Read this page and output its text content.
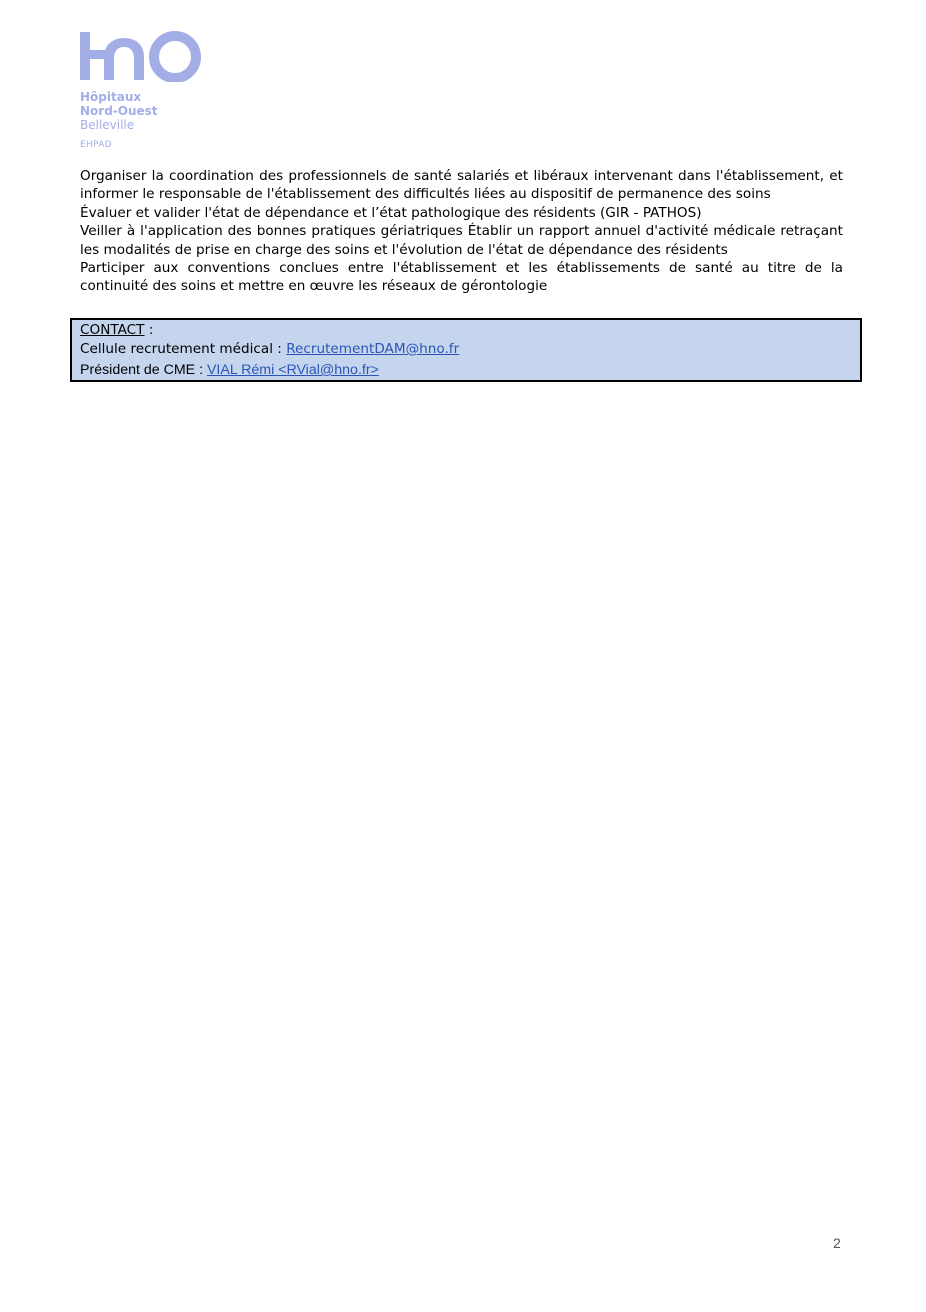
Hôpitaux
Nord-Ouest
Belleville
EHPAD

Organiser la coordination des professionnels de santé salariés et libéraux intervenant dans l'établissement, et informer le responsable de l'établissement des difficultés liées au dispositif de permanence des soins

Évaluer et valider l'état de dépendance et l’état pathologique des résidents (GIR - PATHOS)

Veiller à l'application des bonnes pratiques gériatriques Établir un rapport annuel d'activité médicale retraçant les modalités de prise en charge des soins et l'évolution de l'état de dépendance des résidents

Participer aux conventions conclues entre l'établissement et les établissements de santé au titre de la continuité des soins et mettre en œuvre les réseaux de gérontologie

CONTACT :
Cellule recrutement médical : RecrutementDAM@hno.fr
Président de CME : VIAL Rémi <RVial@hno.fr>
2
